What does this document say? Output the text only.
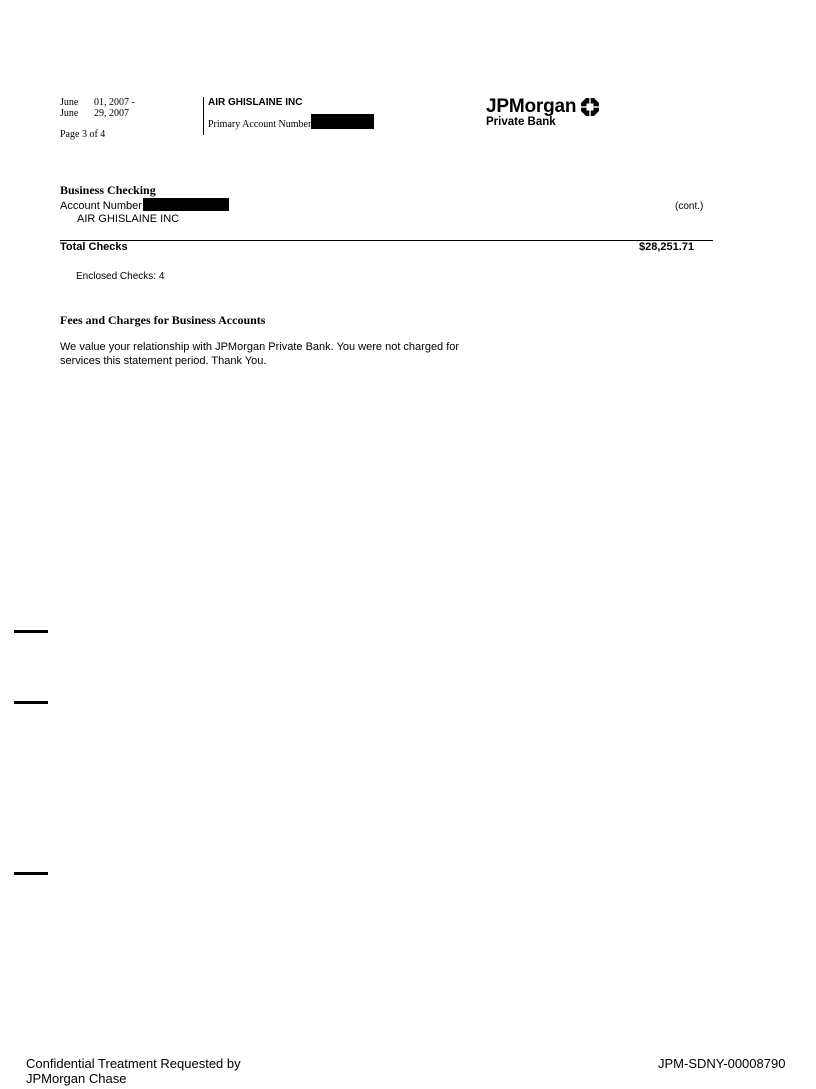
June 01, 2007 -
June 29, 2007
Page 3 of 4
AIR GHISLAINE INC
Primary Account Number
JPMorgan
Private Bank
Business Checking
Account Number
AIR GHISLAINE INC
(cont.)
Total Checks	$28,251.71
Enclosed Checks: 4
Fees and Charges for Business Accounts
We value your relationship with JPMorgan Private Bank. You were not charged for
services this statement period. Thank You.
Confidential Treatment Requested by
JPMorgan Chase
JPM-SDNY-00008790
